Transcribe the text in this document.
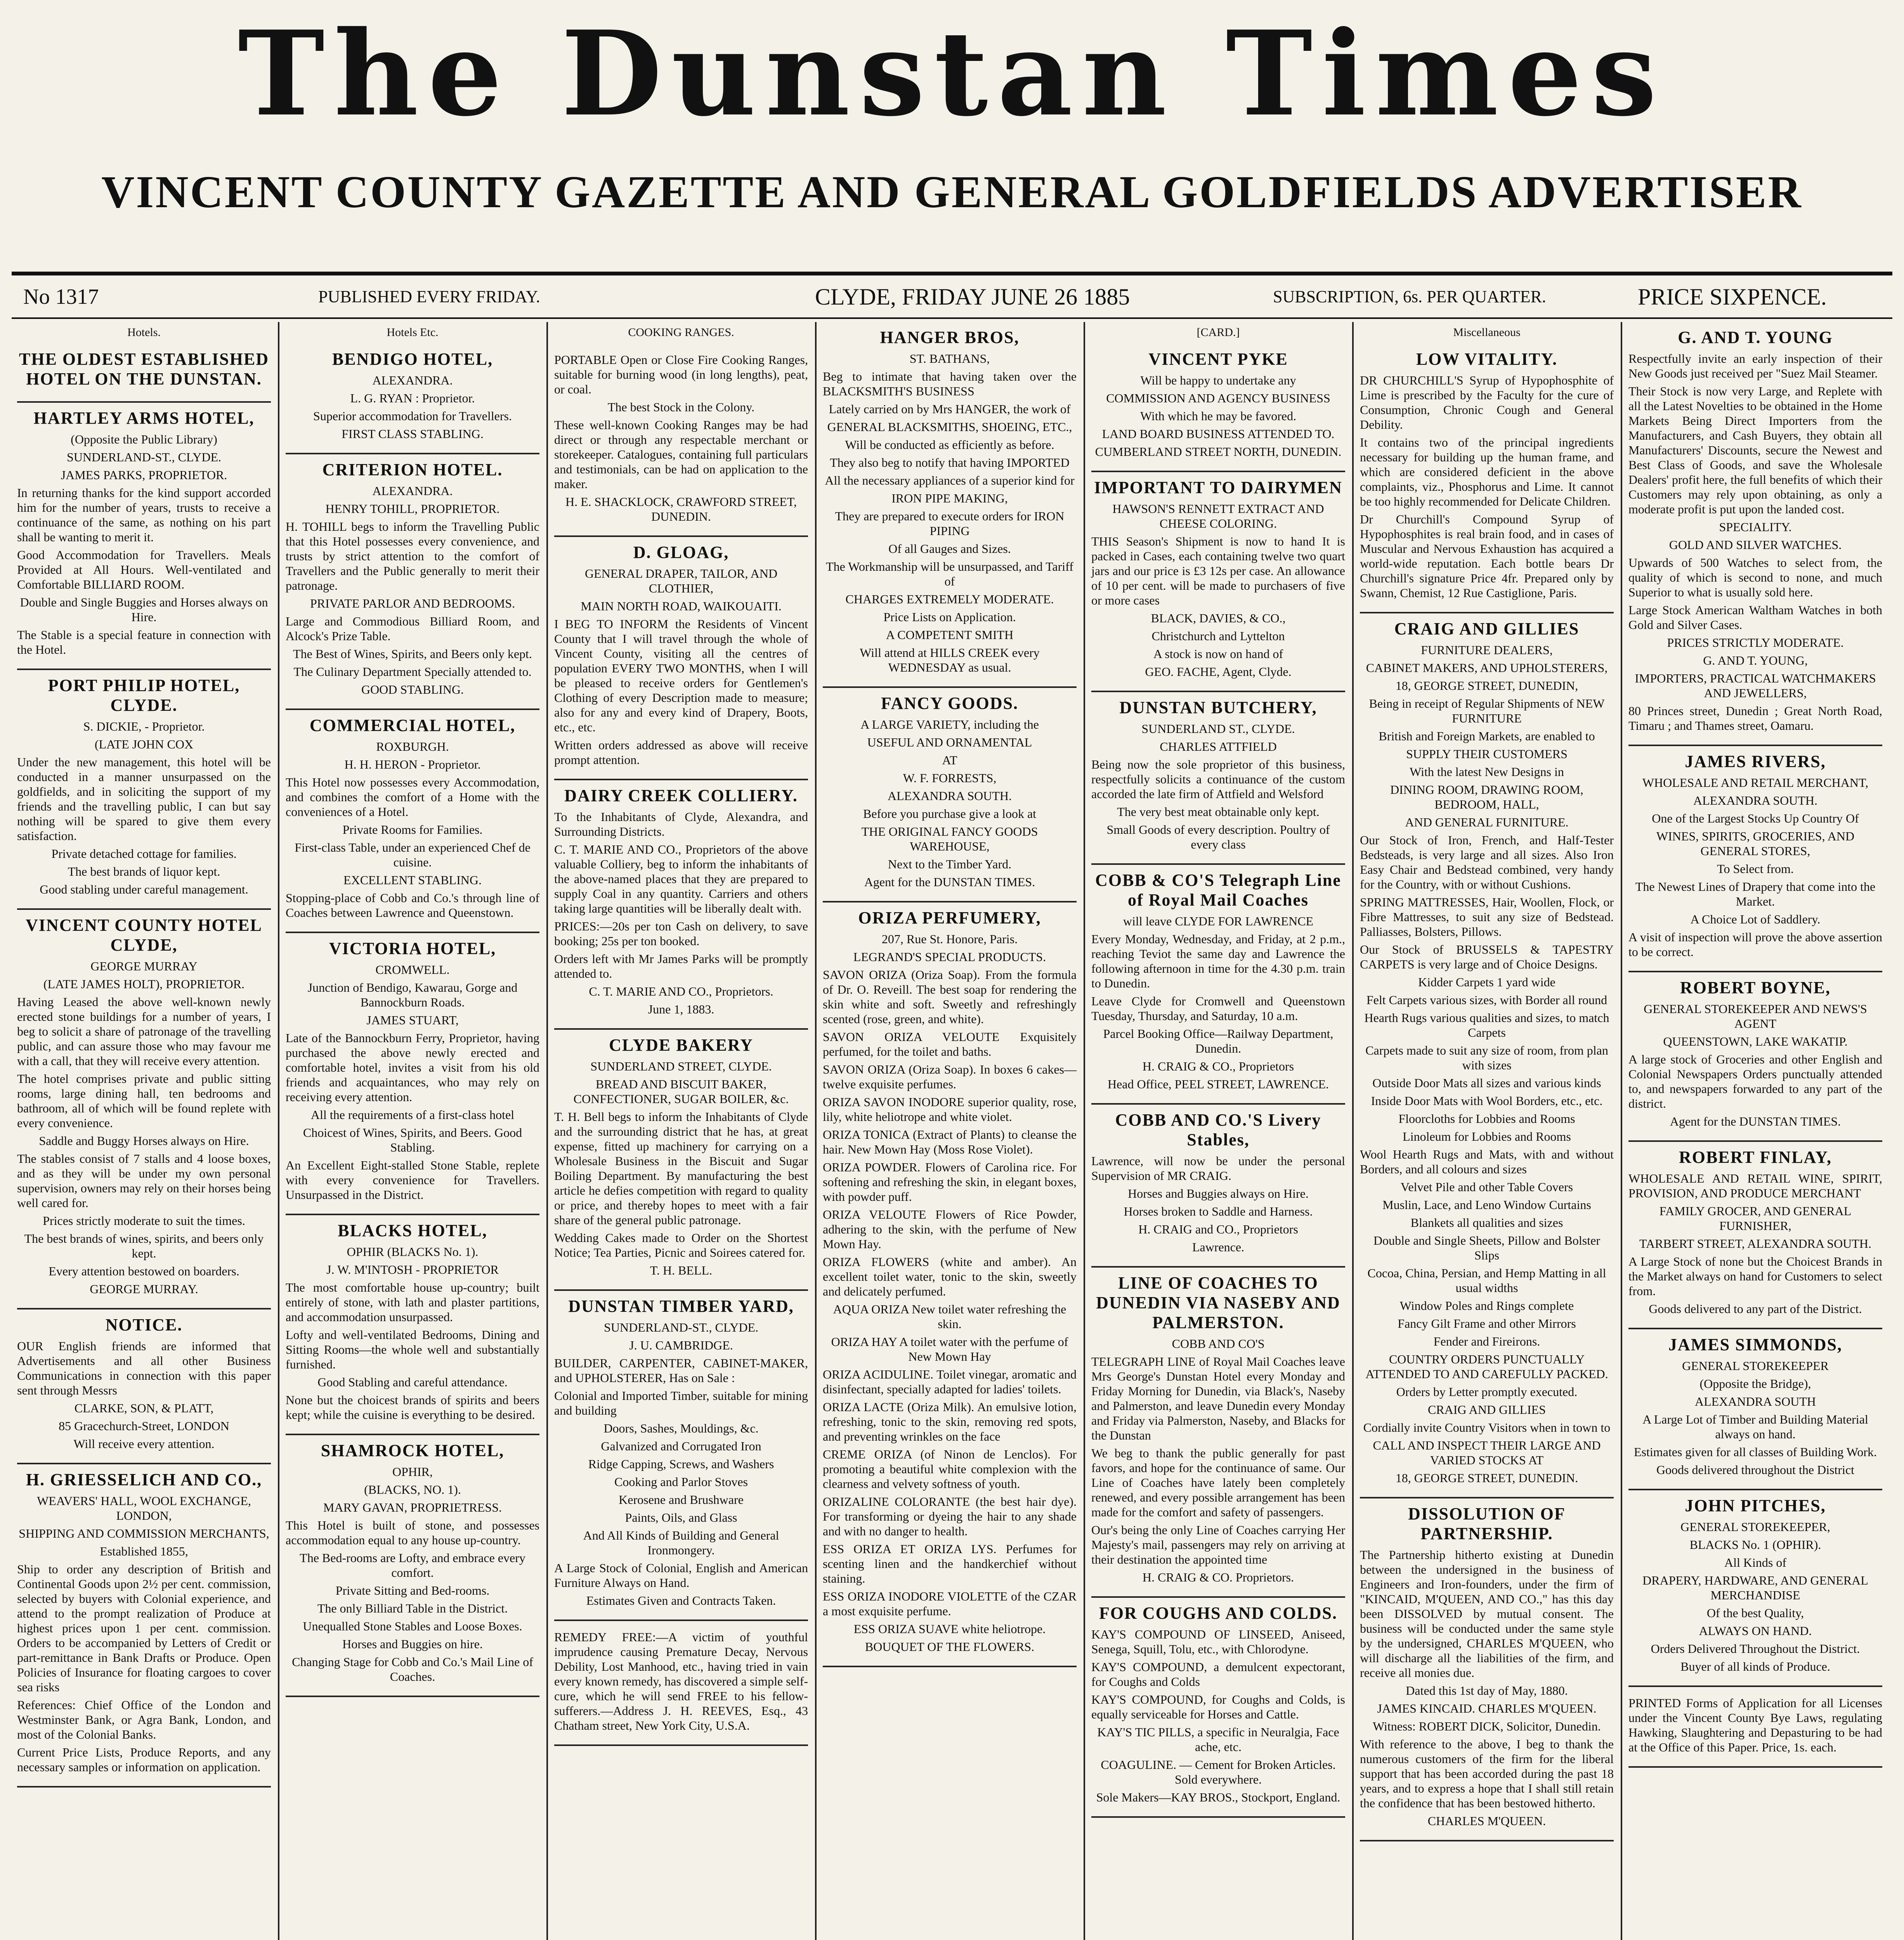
The Dunstan Times
VINCENT COUNTY GAZETTE AND GENERAL GOLDFIELDS ADVERTISER
No 1317	PUBLISHED EVERY FRIDAY.	CLYDE, FRIDAY JUNE 26 1885	SUBSCRIPTION, 6s. PER QUARTER.	PRICE SIXPENCE.
Hotels.
THE OLDEST ESTABLISHED HOTEL ON THE DUNSTAN.
HARTLEY ARMS HOTEL,

(Opposite the Public Library)

SUNDERLAND-ST., CLYDE.

JAMES PARKS, PROPRIETOR.

In returning thanks for the kind support accorded him for the number of years, trusts to receive a continuance of the same, as nothing on his part shall be wanting to merit it.

Good Accommodation for Travellers. Meals Provided at All Hours. Well-ventilated and Comfortable BILLIARD ROOM.

Double and Single Buggies and Horses always on Hire.

The Stable is a special feature in connection with the Hotel.

PORT PHILIP HOTEL, CLYDE.

S. DICKIE, - Proprietor.

(LATE JOHN COX

Under the new management, this hotel will be conducted in a manner unsurpassed on the goldfields, and in soliciting the support of my friends and the travelling public, I can but say nothing will be spared to give them every satisfaction.

Private detached cottage for families.

The best brands of liquor kept.

Good stabling under careful management.

VINCENT COUNTY HOTEL CLYDE,

GEORGE MURRAY

(LATE JAMES HOLT), PROPRIETOR.

Having Leased the above well-known newly erected stone buildings for a number of years, I beg to solicit a share of patronage of the travelling public, and can assure those who may favour me with a call, that they will receive every attention.

The hotel comprises private and public sitting rooms, large dining hall, ten bedrooms and bathroom, all of which will be found replete with every convenience.

Saddle and Buggy Horses always on Hire.

The stables consist of 7 stalls and 4 loose boxes, and as they will be under my own personal supervision, owners may rely on their horses being well cared for.

Prices strictly moderate to suit the times.

The best brands of wines, spirits, and beers only kept.

Every attention bestowed on boarders.

GEORGE MURRAY.

NOTICE.

OUR English friends are informed that Advertisements and all other Business Communications in connection with this paper sent through Messrs

CLARKE, SON, & PLATT,

85 Gracechurch-Street, LONDON

Will receive every attention.

H. GRIESSELICH AND CO.,

WEAVERS' HALL, WOOL EXCHANGE, LONDON,

SHIPPING AND COMMISSION MERCHANTS,

Established 1855,

Ship to order any description of British and Continental Goods upon 2½ per cent. commission, selected by buyers with Colonial experience, and attend to the prompt realization of Produce at highest prices upon 1 per cent. commission. Orders to be accompanied by Letters of Credit or part-remittance in Bank Drafts or Produce. Open Policies of Insurance for floating cargoes to cover sea risks

References: Chief Office of the London and Westminster Bank, or Agra Bank, London, and most of the Colonial Banks.

Current Price Lists, Produce Reports, and any necessary samples or information on application.

Hotels Etc.
BENDIGO HOTEL,

ALEXANDRA.

L. G. RYAN : Proprietor.

Superior accommodation for Travellers.

FIRST CLASS STABLING.

CRITERION HOTEL.

ALEXANDRA.

HENRY TOHILL, PROPRIETOR.

H. TOHILL begs to inform the Travelling Public that this Hotel possesses every convenience, and trusts by strict attention to the comfort of Travellers and the Public generally to merit their patronage.

PRIVATE PARLOR AND BEDROOMS.

Large and Commodious Billiard Room, and Alcock's Prize Table.

The Best of Wines, Spirits, and Beers only kept.

The Culinary Department Specially attended to.

GOOD STABLING.

COMMERCIAL HOTEL,

ROXBURGH.

H. H. HERON - Proprietor.

This Hotel now possesses every Accommodation, and combines the comfort of a Home with the conveniences of a Hotel.

Private Rooms for Families.

First-class Table, under an experienced Chef de cuisine.

EXCELLENT STABLING.

Stopping-place of Cobb and Co.'s through line of Coaches between Lawrence and Queenstown.

VICTORIA HOTEL,

CROMWELL.

Junction of Bendigo, Kawarau, Gorge and Bannockburn Roads.

JAMES STUART,

Late of the Bannockburn Ferry, Proprietor, having purchased the above newly erected and comfortable hotel, invites a visit from his old friends and acquaintances, who may rely on receiving every attention.

All the requirements of a first-class hotel

Choicest of Wines, Spirits, and Beers. Good Stabling.

An Excellent Eight-stalled Stone Stable, replete with every convenience for Travellers. Unsurpassed in the District.

BLACKS HOTEL,

OPHIR (BLACKS No. 1).

J. W. M'INTOSH - PROPRIETOR

The most comfortable house up-country; built entirely of stone, with lath and plaster partitions, and accommodation unsurpassed.

Lofty and well-ventilated Bedrooms, Dining and Sitting Rooms—the whole well and substantially furnished.

Good Stabling and careful attendance.

None but the choicest brands of spirits and beers kept; while the cuisine is everything to be desired.

SHAMROCK HOTEL,

OPHIR,

(BLACKS, NO. 1).

MARY GAVAN, PROPRIETRESS.

This Hotel is built of stone, and possesses accommodation equal to any house up-country.

The Bed-rooms are Lofty, and embrace every comfort.

Private Sitting and Bed-rooms.

The only Billiard Table in the District.

Unequalled Stone Stables and Loose Boxes.

Horses and Buggies on hire.

Changing Stage for Cobb and Co.'s Mail Line of Coaches.

COOKING RANGES.

PORTABLE Open or Close Fire Cooking Ranges, suitable for burning wood (in long lengths), peat, or coal.

The best Stock in the Colony.

These well-known Cooking Ranges may be had direct or through any respectable merchant or storekeeper. Catalogues, containing full particulars and testimonials, can be had on application to the maker.

H. E. SHACKLOCK, CRAWFORD STREET, DUNEDIN.

D. GLOAG,

GENERAL DRAPER, TAILOR, AND CLOTHIER,

MAIN NORTH ROAD, WAIKOUAITI.

I BEG TO INFORM the Residents of Vincent County that I will travel through the whole of Vincent County, visiting all the centres of population EVERY TWO MONTHS, when I will be pleased to receive orders for Gentlemen's Clothing of every Description made to measure; also for any and every kind of Drapery, Boots, etc., etc.

Written orders addressed as above will receive prompt attention.

DAIRY CREEK COLLIERY.

To the Inhabitants of Clyde, Alexandra, and Surrounding Districts.

C. T. MARIE AND CO., Proprietors of the above valuable Colliery, beg to inform the inhabitants of the above-named places that they are prepared to supply Coal in any quantity. Carriers and others taking large quantities will be liberally dealt with.

PRICES:—20s per ton Cash on delivery, to save booking; 25s per ton booked.

Orders left with Mr James Parks will be promptly attended to.

C. T. MARIE AND CO., Proprietors.

June 1, 1883.

CLYDE BAKERY

SUNDERLAND STREET, CLYDE.

BREAD AND BISCUIT BAKER, CONFECTIONER, SUGAR BOILER, &c.

T. H. Bell begs to inform the Inhabitants of Clyde and the surrounding district that he has, at great expense, fitted up machinery for carrying on a Wholesale Business in the Biscuit and Sugar Boiling Department. By manufacturing the best article he defies competition with regard to quality or price, and thereby hopes to meet with a fair share of the general public patronage.

Wedding Cakes made to Order on the Shortest Notice; Tea Parties, Picnic and Soirees catered for.

T. H. BELL.

DUNSTAN TIMBER YARD,

SUNDERLAND-ST., CLYDE.

J. U. CAMBRIDGE.

BUILDER, CARPENTER, CABINET-MAKER, and UPHOLSTERER, Has on Sale :

Colonial and Imported Timber, suitable for mining and building

Doors, Sashes, Mouldings, &c.

Galvanized and Corrugated Iron

Ridge Capping, Screws, and Washers

Cooking and Parlor Stoves

Kerosene and Brushware

Paints, Oils, and Glass

And All Kinds of Building and General Ironmongery.

A Large Stock of Colonial, English and American Furniture Always on Hand.

Estimates Given and Contracts Taken.

REMEDY FREE:—A victim of youthful imprudence causing Premature Decay, Nervous Debility, Lost Manhood, etc., having tried in vain every known remedy, has discovered a simple self-cure, which he will send FREE to his fellow-sufferers.—Address J. H. REEVES, Esq., 43 Chatham street, New York City, U.S.A.

HANGER BROS,

ST. BATHANS,

Beg to intimate that having taken over the BLACKSMITH'S BUSINESS

Lately carried on by Mrs HANGER, the work of

GENERAL BLACKSMITHS, SHOEING, ETC.,

Will be conducted as efficiently as before.

They also beg to notify that having IMPORTED

All the necessary appliances of a superior kind for

IRON PIPE MAKING,

They are prepared to execute orders for IRON PIPING

Of all Gauges and Sizes.

The Workmanship will be unsurpassed, and Tariff of

CHARGES EXTREMELY MODERATE.

Price Lists on Application.

A COMPETENT SMITH

Will attend at HILLS CREEK every WEDNESDAY as usual.

FANCY GOODS.

A LARGE VARIETY, including the

USEFUL AND ORNAMENTAL

AT

W. F. FORRESTS,

ALEXANDRA SOUTH.

Before you purchase give a look at

THE ORIGINAL FANCY GOODS WAREHOUSE,

Next to the Timber Yard.

Agent for the DUNSTAN TIMES.

ORIZA PERFUMERY,

207, Rue St. Honore, Paris.

LEGRAND'S SPECIAL PRODUCTS.

SAVON ORIZA (Oriza Soap). From the formula of Dr. O. Reveill. The best soap for rendering the skin white and soft. Sweetly and refreshingly scented (rose, green, and white).

SAVON ORIZA VELOUTE Exquisitely perfumed, for the toilet and baths.

SAVON ORIZA (Oriza Soap). In boxes 6 cakes—twelve exquisite perfumes.

ORIZA SAVON INODORE superior quality, rose, lily, white heliotrope and white violet.

ORIZA TONICA (Extract of Plants) to cleanse the hair. New Mown Hay (Moss Rose Violet).

ORIZA POWDER. Flowers of Carolina rice. For softening and refreshing the skin, in elegant boxes, with powder puff.

ORIZA VELOUTE Flowers of Rice Powder, adhering to the skin, with the perfume of New Mown Hay.

ORIZA FLOWERS (white and amber). An excellent toilet water, tonic to the skin, sweetly and delicately perfumed.

AQUA ORIZA New toilet water refreshing the skin.

ORIZA HAY A toilet water with the perfume of New Mown Hay

ORIZA ACIDULINE. Toilet vinegar, aromatic and disinfectant, specially adapted for ladies' toilets.

ORIZA LACTE (Oriza Milk). An emulsive lotion, refreshing, tonic to the skin, removing red spots, and preventing wrinkles on the face

CREME ORIZA (of Ninon de Lenclos). For promoting a beautiful white complexion with the clearness and velvety softness of youth.

ORIZALINE COLORANTE (the best hair dye). For transforming or dyeing the hair to any shade and with no danger to health.

ESS ORIZA ET ORIZA LYS. Perfumes for scenting linen and the handkerchief without staining.

ESS ORIZA INODORE VIOLETTE of the CZAR a most exquisite perfume.

ESS ORIZA SUAVE white heliotrope.

BOUQUET OF THE FLOWERS.

[CARD.]
VINCENT PYKE

Will be happy to undertake any

COMMISSION AND AGENCY BUSINESS

With which he may be favored.

LAND BOARD BUSINESS ATTENDED TO.

CUMBERLAND STREET NORTH, DUNEDIN.

IMPORTANT TO DAIRYMEN

HAWSON'S RENNETT EXTRACT AND CHEESE COLORING.

THIS Season's Shipment is now to hand It is packed in Cases, each containing twelve two quart jars and our price is £3 12s per case. An allowance of 10 per cent. will be made to purchasers of five or more cases

BLACK, DAVIES, & CO.,

Christchurch and Lyttelton

A stock is now on hand of

GEO. FACHE, Agent, Clyde.

DUNSTAN BUTCHERY,

SUNDERLAND ST., CLYDE.

CHARLES ATTFIELD

Being now the sole proprietor of this business, respectfully solicits a continuance of the custom accorded the late firm of Attfield and Welsford

The very best meat obtainable only kept.

Small Goods of every description. Poultry of every class

COBB & CO'S Telegraph Line of Royal Mail Coaches

will leave CLYDE FOR LAWRENCE

Every Monday, Wednesday, and Friday, at 2 p.m., reaching Teviot the same day and Lawrence the following afternoon in time for the 4.30 p.m. train to Dunedin.

Leave Clyde for Cromwell and Queenstown Tuesday, Thursday, and Saturday, 10 a.m.

Parcel Booking Office—Railway Department, Dunedin.

H. CRAIG & CO., Proprietors

Head Office, PEEL STREET, LAWRENCE.

COBB AND CO.'S Livery Stables,

Lawrence, will now be under the personal Supervision of MR CRAIG.

Horses and Buggies always on Hire.

Horses broken to Saddle and Harness.

H. CRAIG and CO., Proprietors

Lawrence.

LINE OF COACHES TO DUNEDIN VIA NASEBY AND PALMERSTON.

COBB AND CO'S

TELEGRAPH LINE of Royal Mail Coaches leave Mrs George's Dunstan Hotel every Monday and Friday Morning for Dunedin, via Black's, Naseby and Palmerston, and leave Dunedin every Monday and Friday via Palmerston, Naseby, and Blacks for the Dunstan

We beg to thank the public generally for past favors, and hope for the continuance of same. Our Line of Coaches have lately been completely renewed, and every possible arrangement has been made for the comfort and safety of passengers.

Our's being the only Line of Coaches carrying Her Majesty's mail, passengers may rely on arriving at their destination the appointed time

H. CRAIG & CO. Proprietors.

FOR COUGHS AND COLDS.

KAY'S COMPOUND OF LINSEED, Aniseed, Senega, Squill, Tolu, etc., with Chlorodyne.

KAY'S COMPOUND, a demulcent expectorant, for Coughs and Colds

KAY'S COMPOUND, for Coughs and Colds, is equally serviceable for Horses and Cattle.

KAY'S TIC PILLS, a specific in Neuralgia, Face ache, etc.

COAGULINE. — Cement for Broken Articles. Sold everywhere.

Sole Makers—KAY BROS., Stockport, England.

Miscellaneous
LOW VITALITY.

DR CHURCHILL'S Syrup of Hypophosphite of Lime is prescribed by the Faculty for the cure of Consumption, Chronic Cough and General Debility.

It contains two of the principal ingredients necessary for building up the human frame, and which are considered deficient in the above complaints, viz., Phosphorus and Lime. It cannot be too highly recommended for Delicate Children.

Dr Churchill's Compound Syrup of Hypophosphites is real brain food, and in cases of Muscular and Nervous Exhaustion has acquired a world-wide reputation. Each bottle bears Dr Churchill's signature Price 4fr. Prepared only by Swann, Chemist, 12 Rue Castiglione, Paris.

CRAIG AND GILLIES

FURNITURE DEALERS,

CABINET MAKERS, AND UPHOLSTERERS,

18, GEORGE STREET, DUNEDIN,

Being in receipt of Regular Shipments of NEW FURNITURE

British and Foreign Markets, are enabled to

SUPPLY THEIR CUSTOMERS

With the latest New Designs in

DINING ROOM, DRAWING ROOM, BEDROOM, HALL,

AND GENERAL FURNITURE.

Our Stock of Iron, French, and Half-Tester Bedsteads, is very large and all sizes. Also Iron Easy Chair and Bedstead combined, very handy for the Country, with or without Cushions.

SPRING MATTRESSES, Hair, Woollen, Flock, or Fibre Mattresses, to suit any size of Bedstead. Palliasses, Bolsters, Pillows.

Our Stock of BRUSSELS & TAPESTRY CARPETS is very large and of Choice Designs.

Kidder Carpets 1 yard wide

Felt Carpets various sizes, with Border all round

Hearth Rugs various qualities and sizes, to match Carpets

Carpets made to suit any size of room, from plan with sizes

Outside Door Mats all sizes and various kinds

Inside Door Mats with Wool Borders, etc., etc.

Floorcloths for Lobbies and Rooms

Linoleum for Lobbies and Rooms

Wool Hearth Rugs and Mats, with and without Borders, and all colours and sizes

Velvet Pile and other Table Covers

Muslin, Lace, and Leno Window Curtains

Blankets all qualities and sizes

Double and Single Sheets, Pillow and Bolster Slips

Cocoa, China, Persian, and Hemp Matting in all usual widths

Window Poles and Rings complete

Fancy Gilt Frame and other Mirrors

Fender and Fireirons.

COUNTRY ORDERS PUNCTUALLY ATTENDED TO AND CAREFULLY PACKED.

Orders by Letter promptly executed.

CRAIG AND GILLIES

Cordially invite Country Visitors when in town to

CALL AND INSPECT THEIR LARGE AND VARIED STOCKS AT

18, GEORGE STREET, DUNEDIN.

DISSOLUTION OF PARTNERSHIP.

The Partnership hitherto existing at Dunedin between the undersigned in the business of Engineers and Iron-founders, under the firm of "KINCAID, M'QUEEN, AND CO.," has this day been DISSOLVED by mutual consent. The business will be conducted under the same style by the undersigned, CHARLES M'QUEEN, who will discharge all the liabilities of the firm, and receive all monies due.

Dated this 1st day of May, 1880.

JAMES KINCAID. CHARLES M'QUEEN.

Witness: ROBERT DICK, Solicitor, Dunedin.

With reference to the above, I beg to thank the numerous customers of the firm for the liberal support that has been accorded during the past 18 years, and to express a hope that I shall still retain the confidence that has been bestowed hitherto.

CHARLES M'QUEEN.

G. AND T. YOUNG

Respectfully invite an early inspection of their New Goods just received per "Suez Mail Steamer.

Their Stock is now very Large, and Replete with all the Latest Novelties to be obtained in the Home Markets Being Direct Importers from the Manufacturers, and Cash Buyers, they obtain all Manufacturers' Discounts, secure the Newest and Best Class of Goods, and save the Wholesale Dealers' profit here, the full benefits of which their Customers may rely upon obtaining, as only a moderate profit is put upon the landed cost.

SPECIALITY.

GOLD AND SILVER WATCHES.

Upwards of 500 Watches to select from, the quality of which is second to none, and much Superior to what is usually sold here.

Large Stock American Waltham Watches in both Gold and Silver Cases.

PRICES STRICTLY MODERATE.

G. AND T. YOUNG,

IMPORTERS, PRACTICAL WATCHMAKERS AND JEWELLERS,

80 Princes street, Dunedin ; Great North Road, Timaru ; and Thames street, Oamaru.

JAMES RIVERS,

WHOLESALE AND RETAIL MERCHANT,

ALEXANDRA SOUTH.

One of the Largest Stocks Up Country Of

WINES, SPIRITS, GROCERIES, AND GENERAL STORES,

To Select from.

The Newest Lines of Drapery that come into the Market.

A Choice Lot of Saddlery.

A visit of inspection will prove the above assertion to be correct.

ROBERT BOYNE,

GENERAL STOREKEEPER AND NEWS'S AGENT

QUEENSTOWN, LAKE WAKATIP.

A large stock of Groceries and other English and Colonial Newspapers Orders punctually attended to, and newspapers forwarded to any part of the district.

Agent for the DUNSTAN TIMES.

ROBERT FINLAY,

WHOLESALE AND RETAIL WINE, SPIRIT, PROVISION, AND PRODUCE MERCHANT

FAMILY GROCER, AND GENERAL FURNISHER,

TARBERT STREET, ALEXANDRA SOUTH.

A Large Stock of none but the Choicest Brands in the Market always on hand for Customers to select from.

Goods delivered to any part of the District.

JAMES SIMMONDS,

GENERAL STOREKEEPER

(Opposite the Bridge),

ALEXANDRA SOUTH

A Large Lot of Timber and Building Material always on hand.

Estimates given for all classes of Building Work.

Goods delivered throughout the District

JOHN PITCHES,

GENERAL STOREKEEPER,

BLACKS No. 1 (OPHIR).

All Kinds of

DRAPERY, HARDWARE, AND GENERAL MERCHANDISE

Of the best Quality,

ALWAYS ON HAND.

Orders Delivered Throughout the District.

Buyer of all kinds of Produce.

PRINTED Forms of Application for all Licenses under the Vincent County Bye Laws, regulating Hawking, Slaughtering and Depasturing to be had at the Office of this Paper. Price, 1s. each.
